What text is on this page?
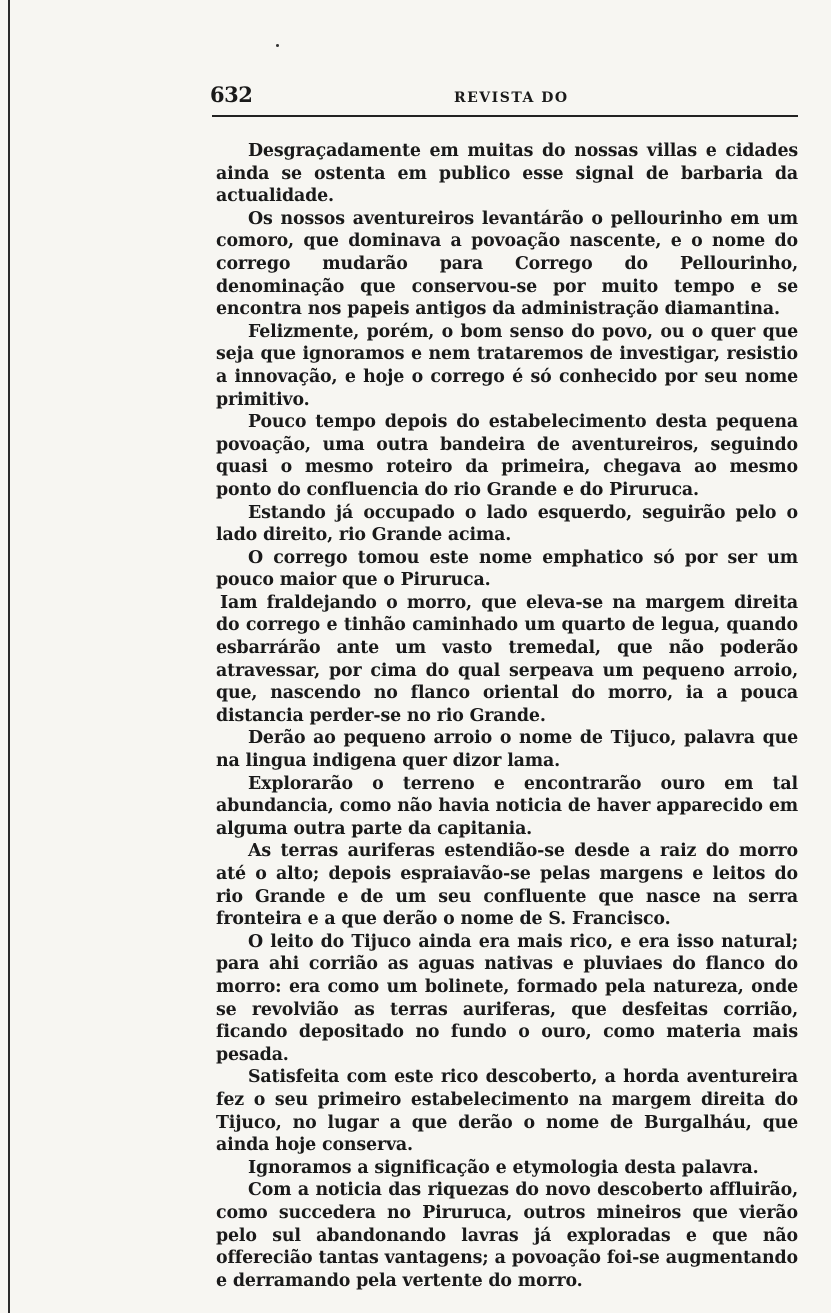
632	REVISTA DO

Desgraçadamente em muitas do nossas villas e cidades ainda se ostenta em publico esse signal de barbaria da actualidade.

Os nossos aventureiros levantárão o pellourinho em um comoro, que dominava a povoação nascente, e o nome do corrego mudarão para Corrego do Pellourinho, denominação que conservou-se por muito tempo e se encontra nos papeis antigos da administração diamantina.

Felizmente, porém, o bom senso do povo, ou o quer que seja que ignoramos e nem trataremos de investigar, resistio a innovação, e hoje o corrego é só conhecido por seu nome primitivo.

Pouco tempo depois do estabelecimento desta pequena povoação, uma outra bandeira de aventureiros, seguindo quasi o mesmo roteiro da primeira, chegava ao mesmo ponto do confluencia do rio Grande e do Piruruca.

Estando já occupado o lado esquerdo, seguirão pelo o lado direito, rio Grande acima.

O corrego tomou este nome emphatico só por ser um pouco maior que o Piruruca.

Iam fraldejando o morro, que eleva-se na margem direita do corrego e tinhão caminhado um quarto de legua, quando esbarrárão ante um vasto tremedal, que não poderão atravessar, por cima do qual serpeava um pequeno arroio, que, nascendo no flanco oriental do morro, ia a pouca distancia perder-se no rio Grande.

Derão ao pequeno arroio o nome de Tijuco, palavra que na lingua indigena quer dizor lama.

Explorarão o terreno e encontrarão ouro em tal abundancia, como não havia noticia de haver apparecido em alguma outra parte da capitania.

As terras auriferas estendião-se desde a raiz do morro até o alto; depois espraiavão-se pelas margens e leitos do rio Grande e de um seu confluente que nasce na serra fronteira e a que derão o nome de S. Francisco.

O leito do Tijuco ainda era mais rico, e era isso natural; para ahi corrião as aguas nativas e pluviaes do flanco do morro: era como um bolinete, formado pela natureza, onde se revolvião as terras auriferas, que desfeitas corrião, ficando depositado no fundo o ouro, como materia mais pesada.

Satisfeita com este rico descoberto, a horda aventureira fez o seu primeiro estabelecimento na margem direita do Tijuco, no lugar a que derão o nome de Burgalháu, que ainda hoje conserva.

Ignoramos a significação e etymologia desta palavra.

Com a noticia das riquezas do novo descoberto affluirão, como succedera no Piruruca, outros mineiros que vierão pelo sul abandonando lavras já exploradas e que não offerecião tantas vantagens; a povoação foi-se augmentando e derramando pela vertente do morro.
